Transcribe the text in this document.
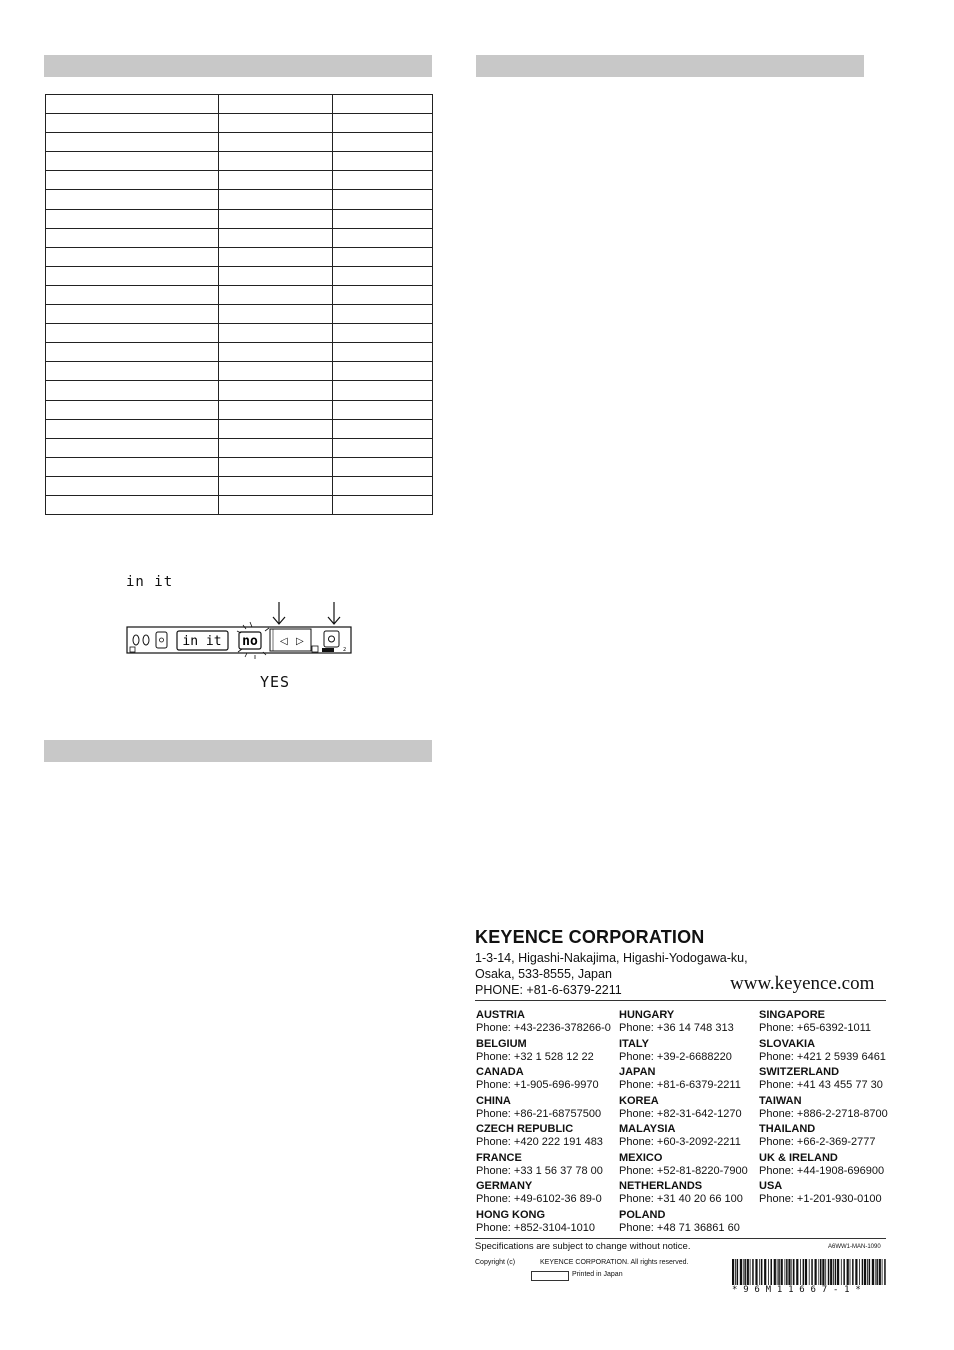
in it
in it no ◁ ▷
2
YES
KEYENCE CORPORATION
1-3-14, Higashi-Nakajima, Higashi-Yodogawa-ku,
Osaka, 533-8555, Japan
PHONE: +81-6-6379-2211	www.keyence.com
AUSTRIA
Phone: +43-2236-378266-0
BELGIUM
Phone: +32 1 528 12 22
CANADA
Phone: +1-905-696-9970
CHINA
Phone: +86-21-68757500
CZECH REPUBLIC
Phone: +420 222 191 483
FRANCE
Phone: +33 1 56 37 78 00
GERMANY
Phone: +49-6102-36 89-0
HONG KONG
Phone: +852-3104-1010
HUNGARY
Phone: +36 14 748 313
ITALY
Phone: +39-2-6688220
JAPAN
Phone: +81-6-6379-2211
KOREA
Phone: +82-31-642-1270
MALAYSIA
Phone: +60-3-2092-2211
MEXICO
Phone: +52-81-8220-7900
NETHERLANDS
Phone: +31 40 20 66 100
POLAND
Phone: +48 71 36861 60
SINGAPORE
Phone: +65-6392-1011
SLOVAKIA
Phone: +421 2 5939 6461
SWITZERLAND
Phone: +41 43 455 77 30
TAIWAN
Phone: +886-2-2718-8700
THAILAND
Phone: +66-2-369-2777
UK & IRELAND
Phone: +44-1908-696900
USA
Phone: +1-201-930-0100
Specifications are subject to change without notice.	A6WW1-MAN-1090
Copyright (c)	KEYENCE CORPORATION. All rights reserved.
Printed in Japan
*96M11667-1*
